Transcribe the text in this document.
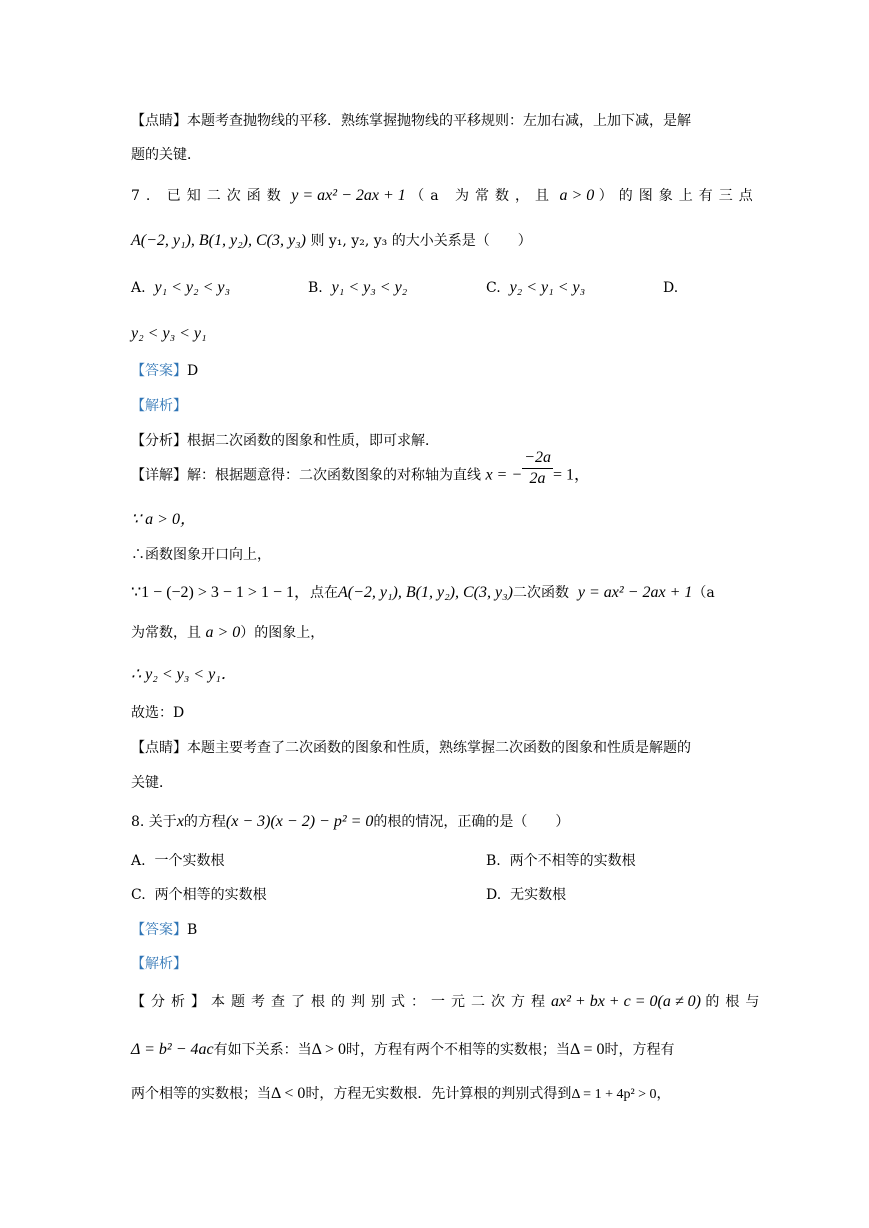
【点睛】本题考查抛物线的平移．熟练掌握抛物线的平移规则：左加右减，上加下减，是解
题的关键．
7. 已知二次函数 y = ax² − 2ax + 1 （a 为常数，且 a > 0 ）的图象上有三点
A(−2, y₁), B(1, y₂), C(3, y₃) 则 y₁, y₂, y₃ 的大小关系是（　　）
A. y₁ < y₂ < y₃	B. y₁ < y₃ < y₂	C. y₂ < y₁ < y₃	D.
y₂ < y₃ < y₁
【答案】D
【解析】
【分析】根据二次函数的图象和性质，即可求解．
【详解】解：根据题意得：二次函数图象的对称轴为直线 x = − $\frac{-2a}{2a} = 1$，
∵ a > 0，
∴函数图象开口向上，
∵1 − (−2) > 3 − 1 > 1 − 1，点在A(−2, y₁), B(1, y₂), C(3, y₃)二次函数 y = ax² − 2ax + 1（a
为常数，且 a > 0）的图象上，
∴ y₂ < y₃ < y₁．
故选：D
【点睛】本题主要考查了二次函数的图象和性质，熟练掌握二次函数的图象和性质是解题的
关键．
8. 关于x的方程(x − 3)(x − 2) − p² = 0的根的情况，正确的是（　　）
A. 一个实数根	B. 两个不相等的实数根
C. 两个相等的实数根	D. 无实数根
【答案】B
【解析】
【分析】本题考查了根的判别式：一元二次方程ax² + bx + c = 0(a ≠ 0) 的根与
Δ = b² − 4ac有如下关系：当Δ > 0时，方程有两个不相等的实数根；当Δ = 0时，方程有
两个相等的实数根；当Δ < 0时，方程无实数根．先计算根的判别式得到Δ = 1 + 4p² > 0，
